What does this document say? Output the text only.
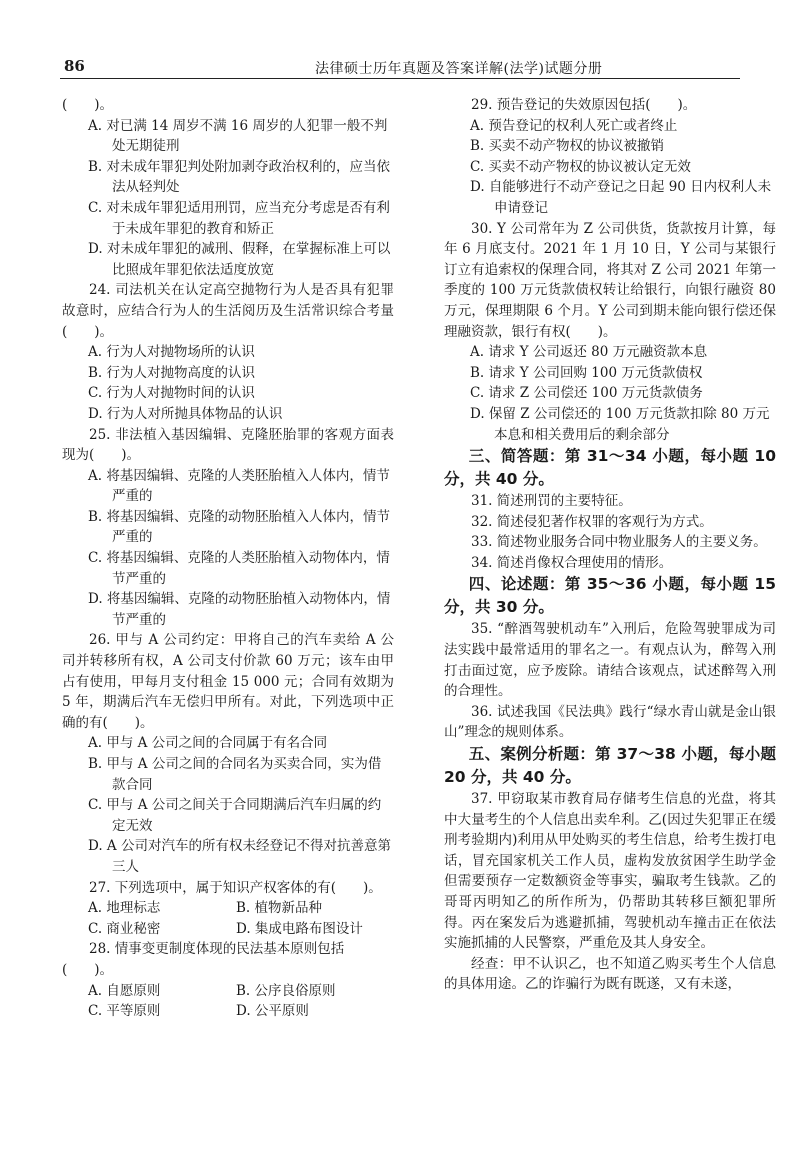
86	法律硕士历年真题及答案详解(法学)试题分册

(　　)。

A. 对已满 14 周岁不满 16 周岁的人犯罪一般不判处无期徒刑

B. 对未成年罪犯判处附加剥夺政治权利的，应当依法从轻判处

C. 对未成年罪犯适用刑罚，应当充分考虑是否有利于未成年罪犯的教育和矫正

D. 对未成年罪犯的减刑、假释，在掌握标准上可以比照成年罪犯依法适度放宽

24. 司法机关在认定高空抛物行为人是否具有犯罪故意时，应结合行为人的生活阅历及生活常识综合考量(　　)。

A. 行为人对抛物场所的认识

B. 行为人对抛物高度的认识

C. 行为人对抛物时间的认识

D. 行为人对所抛具体物品的认识

25. 非法植入基因编辑、克隆胚胎罪的客观方面表现为(　　)。

A. 将基因编辑、克隆的人类胚胎植入人体内，情节严重的

B. 将基因编辑、克隆的动物胚胎植入人体内，情节严重的

C. 将基因编辑、克隆的人类胚胎植入动物体内，情节严重的

D. 将基因编辑、克隆的动物胚胎植入动物体内，情节严重的

26. 甲与 A 公司约定：甲将自己的汽车卖给 A 公司并转移所有权，A 公司支付价款 60 万元；该车由甲占有使用，甲每月支付租金 15 000 元；合同有效期为 5 年，期满后汽车无偿归甲所有。对此，下列选项中正确的有(　　)。

A. 甲与 A 公司之间的合同属于有名合同

B. 甲与 A 公司之间的合同名为买卖合同，实为借款合同

C. 甲与 A 公司之间关于合同期满后汽车归属的约定无效

D. A 公司对汽车的所有权未经登记不得对抗善意第三人

27. 下列选项中，属于知识产权客体的有(　　)。

A. 地理标志	B. 植物新品种
C. 商业秘密	D. 集成电路布图设计

28. 情事变更制度体现的民法基本原则包括

(　　)。

A. 自愿原则	B. 公序良俗原则
C. 平等原则	D. 公平原则

29. 预告登记的失效原因包括(　　)。

A. 预告登记的权利人死亡或者终止

B. 买卖不动产物权的协议被撤销

C. 买卖不动产物权的协议被认定无效

D. 自能够进行不动产登记之日起 90 日内权利人未申请登记

30. Y 公司常年为 Z 公司供货，货款按月计算，每年 6 月底支付。2021 年 1 月 10 日，Y 公司与某银行订立有追索权的保理合同，将其对 Z 公司 2021 年第一季度的 100 万元货款债权转让给银行，向银行融资 80 万元，保理期限 6 个月。Y 公司到期未能向银行偿还保理融资款，银行有权(　　)。

A. 请求 Y 公司返还 80 万元融资款本息

B. 请求 Y 公司回购 100 万元货款债权

C. 请求 Z 公司偿还 100 万元货款债务

D. 保留 Z 公司偿还的 100 万元货款扣除 80 万元本息和相关费用后的剩余部分

三、简答题：第 31～34 小题，每小题 10 分，共 40 分。

31. 简述刑罚的主要特征。

32. 简述侵犯著作权罪的客观行为方式。

33. 简述物业服务合同中物业服务人的主要义务。

34. 简述肖像权合理使用的情形。

四、论述题：第 35～36 小题，每小题 15 分，共 30 分。

35. “醉酒驾驶机动车”入刑后，危险驾驶罪成为司法实践中最常适用的罪名之一。有观点认为，醉驾入刑打击面过宽，应予废除。请结合该观点，试述醉驾入刑的合理性。

36. 试述我国《民法典》践行“绿水青山就是金山银山”理念的规则体系。

五、案例分析题：第 37～38 小题，每小题 20 分，共 40 分。

37. 甲窃取某市教育局存储考生信息的光盘，将其中大量考生的个人信息出卖牟利。乙(因过失犯罪正在缓刑考验期内)利用从甲处购买的考生信息，给考生拨打电话，冒充国家机关工作人员，虚构发放贫困学生助学金但需要预存一定数额资金等事实，骗取考生钱款。乙的哥哥丙明知乙的所作所为，仍帮助其转移巨额犯罪所得。丙在案发后为逃避抓捕，驾驶机动车撞击正在依法实施抓捕的人民警察，严重危及其人身安全。

经查：甲不认识乙，也不知道乙购买考生个人信息的具体用途。乙的诈骗行为既有既遂，又有未遂，
